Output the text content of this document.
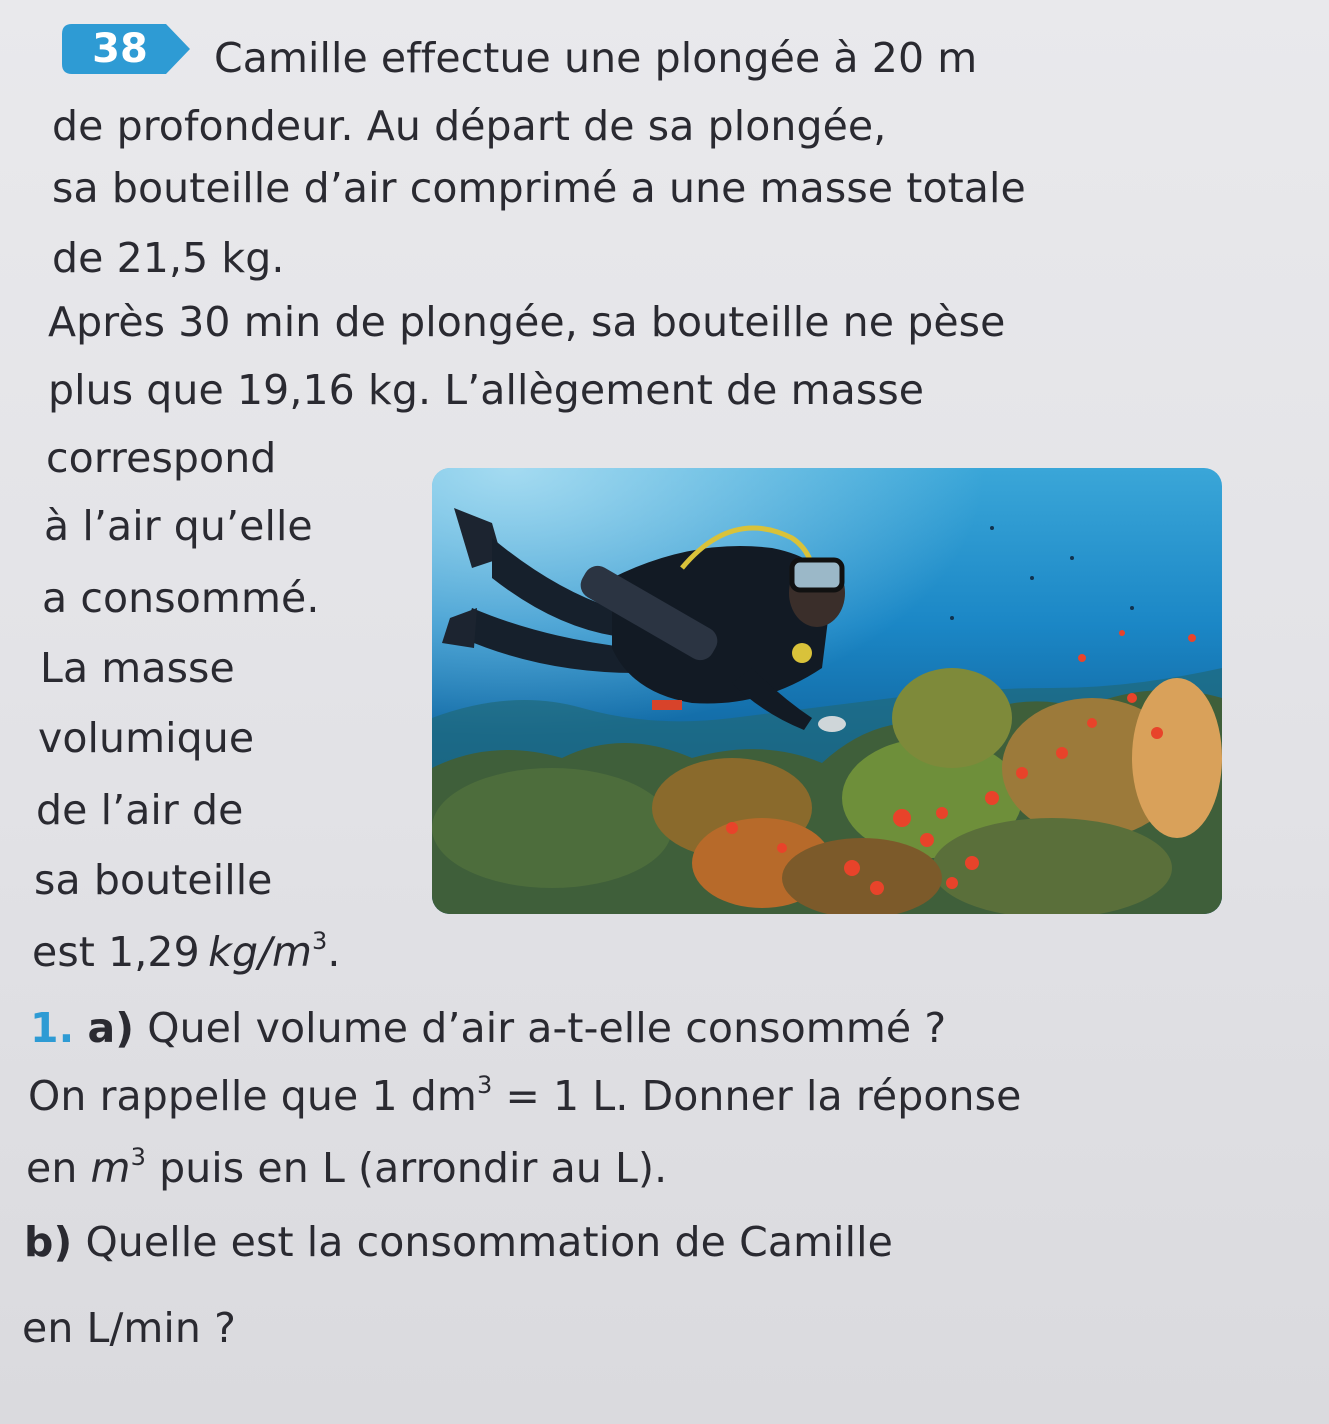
38	Camille effectue une plongée à 20 m
de profondeur. Au départ de sa plongée,
sa bouteille d’air comprimé a une masse totale
de 21,5 kg.
Après 30 min de plongée, sa bouteille ne pèse
plus que 19,16 kg. L’allègement de masse
correspond
à l’air qu’elle
a consommé.
La masse
volumique
de l’air de
sa bouteille
est 1,29  $kg/m^3$.
1. a) Quel volume d’air a-t-elle consommé ?
On rappelle que 1 $dm^3 = 1$ L. Donner la réponse
en $m^3$ puis en L (arrondir au L).
b) Quelle est la consommation de Camille
en L/min ?
